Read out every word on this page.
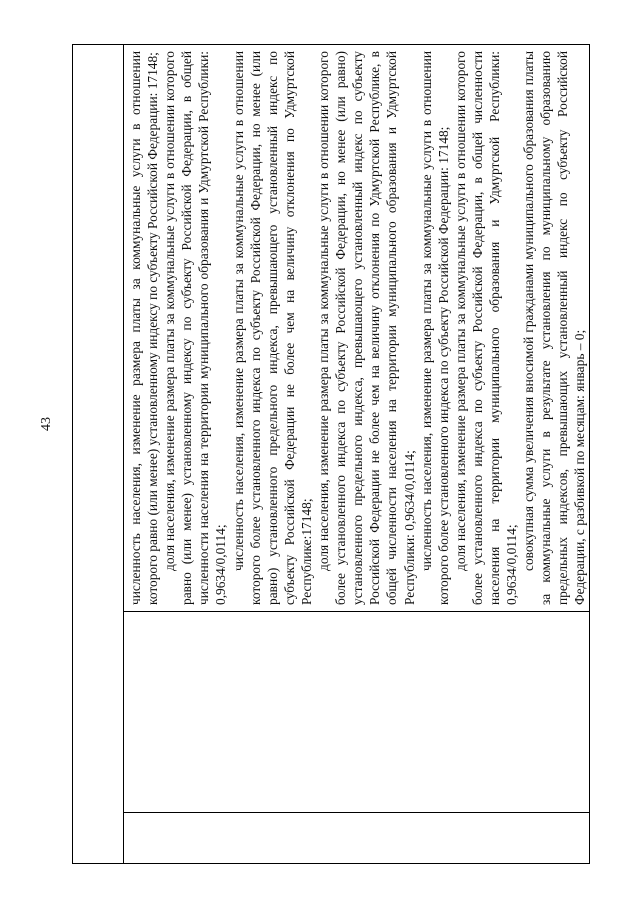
43	численность населения, изменение размера платы за коммунальные услуги в отношении которого равно (или менее) установленному индексу по субъекту Российской Федерации: 17148; доля населения, изменение размера платы за коммунальные услуги в отношении которого равно (или менее) установленному индексу по субъекту Российской Федерации, в общей численности населения на территории муниципального образования и Удмуртской Республики: 0,9634/0,0114; численность населения, изменение размера платы за коммунальные услуги в отношении которого более установленного индекса по субъекту Российской Федерации, но менее (или равно) установленного предельного индекса, превышающего установленный индекс по субъекту Российской Федерации не более чем на величину отклонения по Удмуртской Республике:17148; доля населения, изменение размера платы за коммунальные услуги в отношении которого более установленного индекса по субъекту Российской Федерации, но менее (или равно) установленного предельного индекса, превышающего установленный индекс по субъекту Российской Федерации не более чем на величину отклонения по Удмуртской Республике, в общей численности населения на территории муниципального образования и Удмуртской Республики: 0,9634/0,0114; численность населения, изменение размера платы за коммунальные услуги в отношении которого более установленного индекса по субъекту Российской Федерации: 17148; доля населения, изменение размера платы за коммунальные услуги в отношении которого более установленного индекса по субъекту Российской Федерации, в общей численности населения на территории муниципального образования и Удмуртской Республики: 0,9634/0,0114; совокупная сумма увеличения вносимой гражданами муниципального образования платы за коммунальные услуги в результате установления по муниципальному образованию предельных индексов, превышающих установленный индекс по субъекту Российской Федерации, с разбивкой по месяцам: январь – 0;
